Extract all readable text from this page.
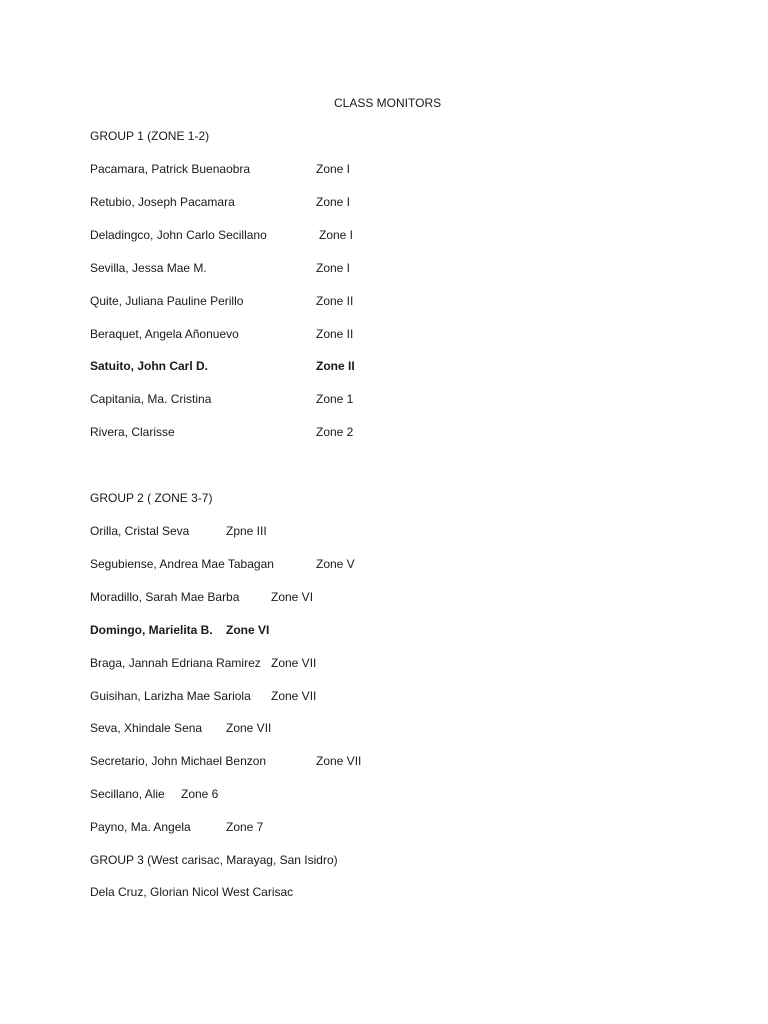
CLASS MONITORS
GROUP 1 (ZONE 1-2)
Pacamara, Patrick Buenaobra	Zone I
Retubio, Joseph Pacamara	Zone I
Deladingco, John Carlo Secillano	Zone I
Sevilla, Jessa Mae M.	Zone I
Quite, Juliana Pauline Perillo	Zone II
Beraquet, Angela Añonuevo	Zone II
Satuito, John Carl D.	Zone II
Capitania, Ma. Cristina	Zone 1
Rivera, Clarisse	Zone 2
GROUP 2 ( ZONE 3-7)
Orilla, Cristal Seva	Zpne III
Segubiense, Andrea Mae Tabagan	Zone V
Moradillo, Sarah Mae Barba	Zone VI
Domingo, Marielita B. Zone VI
Braga, Jannah Edriana Ramirez Zone VII
Guisihan, Larizha Mae Sariola Zone VII
Seva, Xhindale Sena Zone VII
Secretario, John Michael Benzon	Zone VII
Secillano, Alie Zone 6
Payno, Ma. Angela	Zone 7
GROUP 3 (West carisac, Marayag, San Isidro)
Dela Cruz, Glorian Nicol West Carisac
